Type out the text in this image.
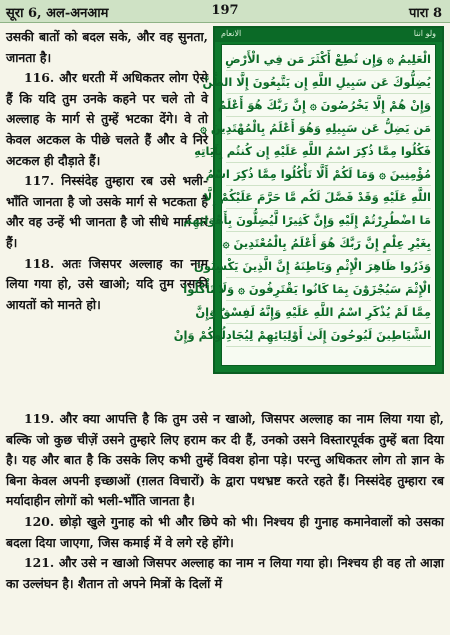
सूरा 6, अल-अनआम	197	पारा 8

उसकी बातों को बदल सके, और वह सुनता, जानता है।

116. और धरती में अधिकतर लोग ऐसे हैं कि यदि तुम उनके कहने पर चले तो वे अल्लाह के मार्ग से तुम्हें भटका देंगे। वे तो केवल अटकल के पीछे चलते हैं और वे निरे अटकल ही दौड़ाते हैं।

117. निस्संदेह तुम्हारा रब उसे भली-भाँति जानता है जो उसके मार्ग से भटकता है और वह उन्हें भी जानता है जो सीधे मार्ग पर हैं।

118. अतः जिसपर अल्लाह का नाम लिया गया हो, उसे खाओ; यदि तुम उसकी आयतों को मानते हो।

الانعام	ولو اننا
الْعَلِيمُ ۞ وَإِن تُطِعْ أَكْثَرَ مَن فِي الْأَرْضِ
يُضِلُّوكَ عَن سَبِيلِ اللَّهِ إِن يَتَّبِعُونَ إِلَّا الظَّنَّ
وَإِنْ هُمْ إِلَّا يَخْرُصُونَ ۞ إِنَّ رَبَّكَ هُوَ أَعْلَمُ
مَن يَضِلُّ عَن سَبِيلِهِ وَهُوَ أَعْلَمُ بِالْمُهْتَدِينَ ۞
فَكُلُوا مِمَّا ذُكِرَ اسْمُ اللَّهِ عَلَيْهِ إِن كُنتُم بِآيَاتِهِ
مُؤْمِنِينَ ۞ وَمَا لَكُمْ أَلَّا تَأْكُلُوا مِمَّا ذُكِرَ اسْمُ
اللَّهِ عَلَيْهِ وَقَدْ فَصَّلَ لَكُم مَّا حَرَّمَ عَلَيْكُمْ إِلَّا
مَا اضْطُرِرْتُمْ إِلَيْهِ وَإِنَّ كَثِيرًا لَّيُضِلُّونَ بِأَهْوَائِهِم
بِغَيْرِ عِلْمٍ إِنَّ رَبَّكَ هُوَ أَعْلَمُ بِالْمُعْتَدِينَ ۞
وَذَرُوا ظَاهِرَ الْإِثْمِ وَبَاطِنَهُ إِنَّ الَّذِينَ يَكْسِبُونَ
الْإِثْمَ سَيُجْزَوْنَ بِمَا كَانُوا يَقْتَرِفُونَ ۞ وَلَا تَأْكُلُوا
مِمَّا لَمْ يُذْكَرِ اسْمُ اللَّهِ عَلَيْهِ وَإِنَّهُ لَفِسْقٌ وَإِنَّ
الشَّيَاطِينَ لَيُوحُونَ إِلَىٰ أَوْلِيَائِهِمْ لِيُجَادِلُوكُمْ وَإِنْ

119. और क्या आपत्ति है कि तुम उसे न खाओ, जिसपर अल्लाह का नाम लिया गया हो, बल्कि जो कुछ चीज़ें उसने तुम्हारे लिए हराम कर दी हैं, उनको उसने विस्तारपूर्वक तुम्हें बता दिया है। यह और बात है कि उसके लिए कभी तुम्हें विवश होना पड़े। परन्तु अधिकतर लोग तो ज्ञान के बिना केवल अपनी इच्छाओं (ग़लत विचारों) के द्वारा पथभ्रष्ट करते रहते हैं। निस्संदेह तुम्हारा रब मर्यादाहीन लोगों को भली-भाँति जानता है।

120. छोड़ो खुले गुनाह को भी और छिपे को भी। निश्चय ही गुनाह कमानेवालों को उसका बदला दिया जाएगा, जिस कमाई में वे लगे रहे होंगे।

121. और उसे न खाओ जिसपर अल्लाह का नाम न लिया गया हो। निश्चय ही वह तो आज्ञा का उल्लंघन है। शैतान तो अपने मित्रों के दिलों में
